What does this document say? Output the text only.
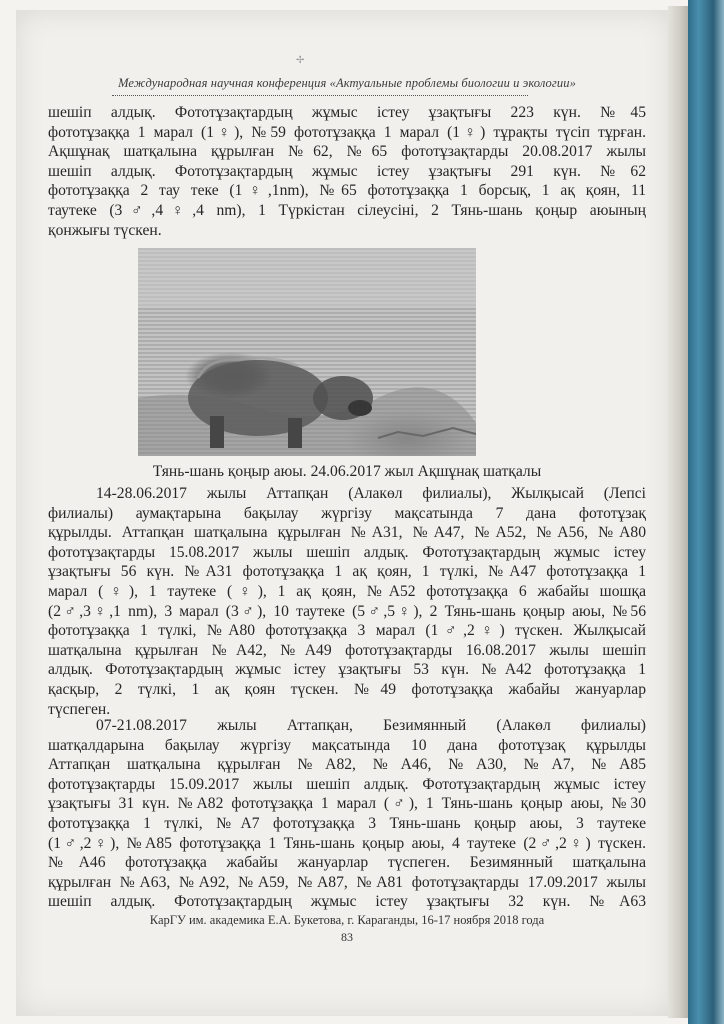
✢
Международная научная конференция «Актуальные проблемы биологии и экологии»
шешіп алдық. Фототұзақтардың жұмыс істеу ұзақтығы 223 күн. №45
фототұзаққа 1 марал (1♀), №59 фототұзаққа 1 марал (1♀) тұрақты түсіп тұрған.
Ақшұнақ шатқалына құрылған №62, №65 фототұзақтарды 20.08.2017 жылы
шешіп алдық. Фототұзақтардың жұмыс істеу ұзақтығы 291 күн. №62
фототұзаққа 2 тау теке (1♀,1nm), №65 фототұзаққа 1 борсық, 1 ақ қоян, 11
таутеке (3♂,4♀,4 nm), 1 Түркістан сілеусіні, 2 Тянь-шань қоңыр аюының
қонжығы түскен.
Тянь-шань қоңыр аюы. 24.06.2017 жыл Ақшұнақ шатқалы
14-28.06.2017 жылы Аттапқан (Алакөл филиалы), Жылқысай (Лепсі
филиалы) аумақтарына бақылау жүргізу мақсатында 7 дана фототұзақ
құрылды. Аттапқан шатқалына құрылған №А31, №А47, №А52, №А56, №А80
фототұзақтарды 15.08.2017 жылы шешіп алдық. Фототұзақтардың жұмыс істеу
ұзақтығы 56 күн. №А31 фототұзаққа 1 ақ қоян, 1 түлкі, №А47 фототұзаққа 1
марал (♀), 1 таутеке (♀), 1 ақ қоян, №А52 фототұзаққа 6 жабайы шошқа
(2♂,3♀,1 nm), 3 марал (3♂), 10 таутеке (5♂,5♀), 2 Тянь-шань қоңыр аюы, №56
фототұзаққа 1 түлкі, №А80 фототұзаққа 3 марал (1♂,2♀) түскен. Жылқысай
шатқалына құрылған №А42, №А49 фототұзақтарды 16.08.2017 жылы шешіп
алдық. Фототұзақтардың жұмыс істеу ұзақтығы 53 күн. №А42 фототұзаққа 1
қасқыр, 2 түлкі, 1 ақ қоян түскен. №49 фототұзаққа жабайы жануарлар
түспеген.
07-21.08.2017 жылы Аттапқан, Безимянный (Алакөл филиалы)
шатқалдарына бақылау жүргізу мақсатында 10 дана фототұзақ құрылды
Аттапқан шатқалына құрылған №А82, №А46, №А30, №А7, №А85
фототұзақтарды 15.09.2017 жылы шешіп алдық. Фототұзақтардың жұмыс істеу
ұзақтығы 31 күн. №А82 фототұзаққа 1 марал (♂), 1 Тянь-шань қоңыр аюы, №30
фототұзаққа 1 түлкі, №А7 фототұзаққа 3 Тянь-шань қоңыр аюы, 3 таутеке
(1♂,2♀), №А85 фототұзаққа 1 Тянь-шань қоңыр аюы, 4 таутеке (2♂,2♀) түскен.
№А46 фототұзаққа жабайы жануарлар түспеген. Безимянный шатқалына
құрылған №А63, №А92, №А59, №А87, №А81 фототұзақтарды 17.09.2017 жылы
шешіп алдық. Фототұзақтардың жұмыс істеу ұзақтығы 32 күн. №А63
КарГУ им. академика Е.А. Букетова, г. Караганды, 16-17 ноября 2018 года
83
